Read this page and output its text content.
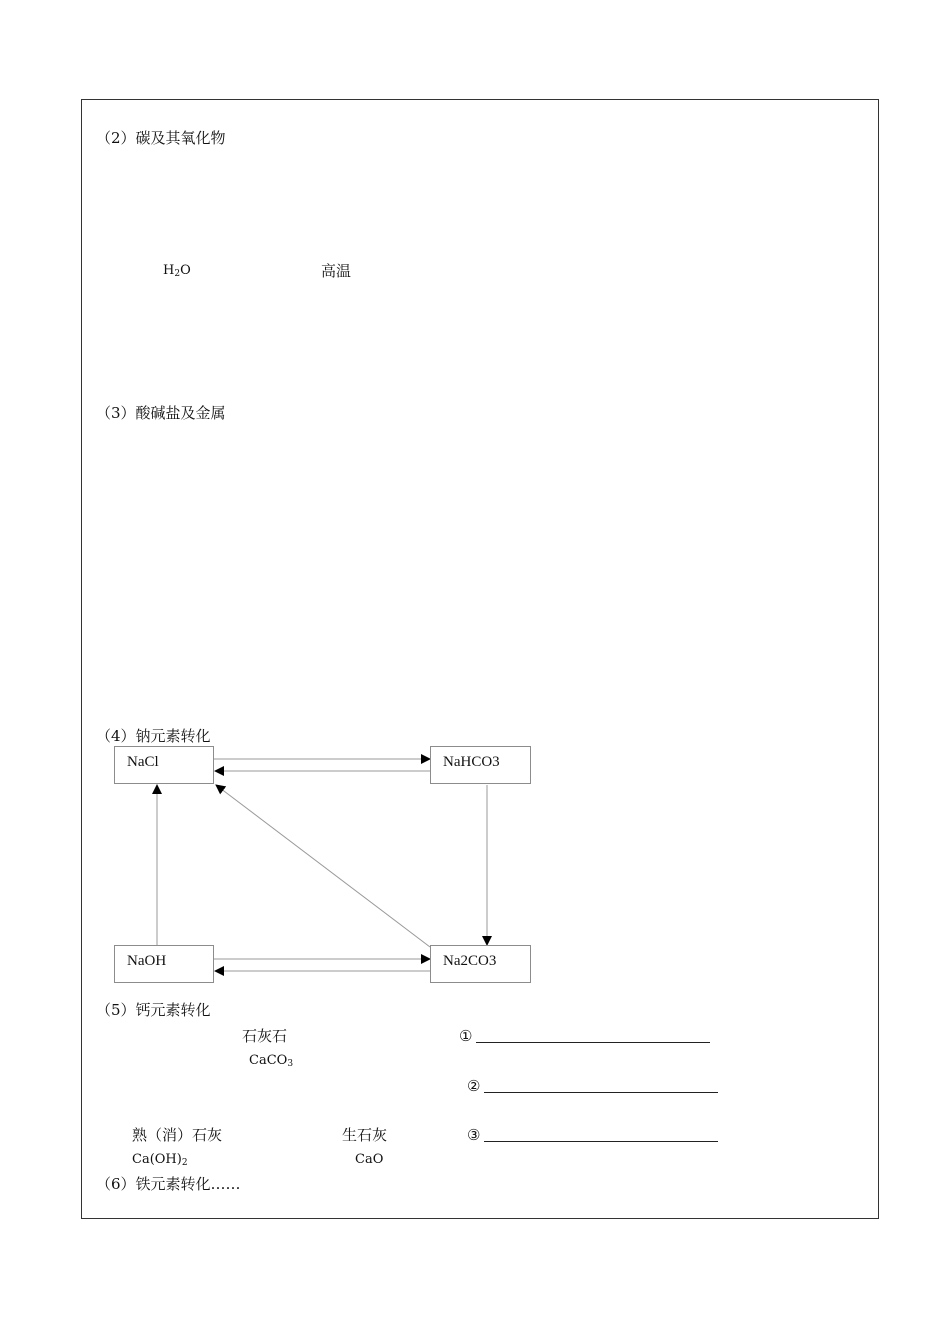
（2）碳及其氧化物
$H_2O$	高温
（3）酸碱盐及金属
（4）钠元素转化
NaCl	NaHCO3
NaOH	Na2CO3
（5）钙元素转化
石灰石
CaCO$_3$
熟（消）石灰
$Ca(OH)_2$
生石灰
CaO
①
②
③
（6）铁元素转化……
